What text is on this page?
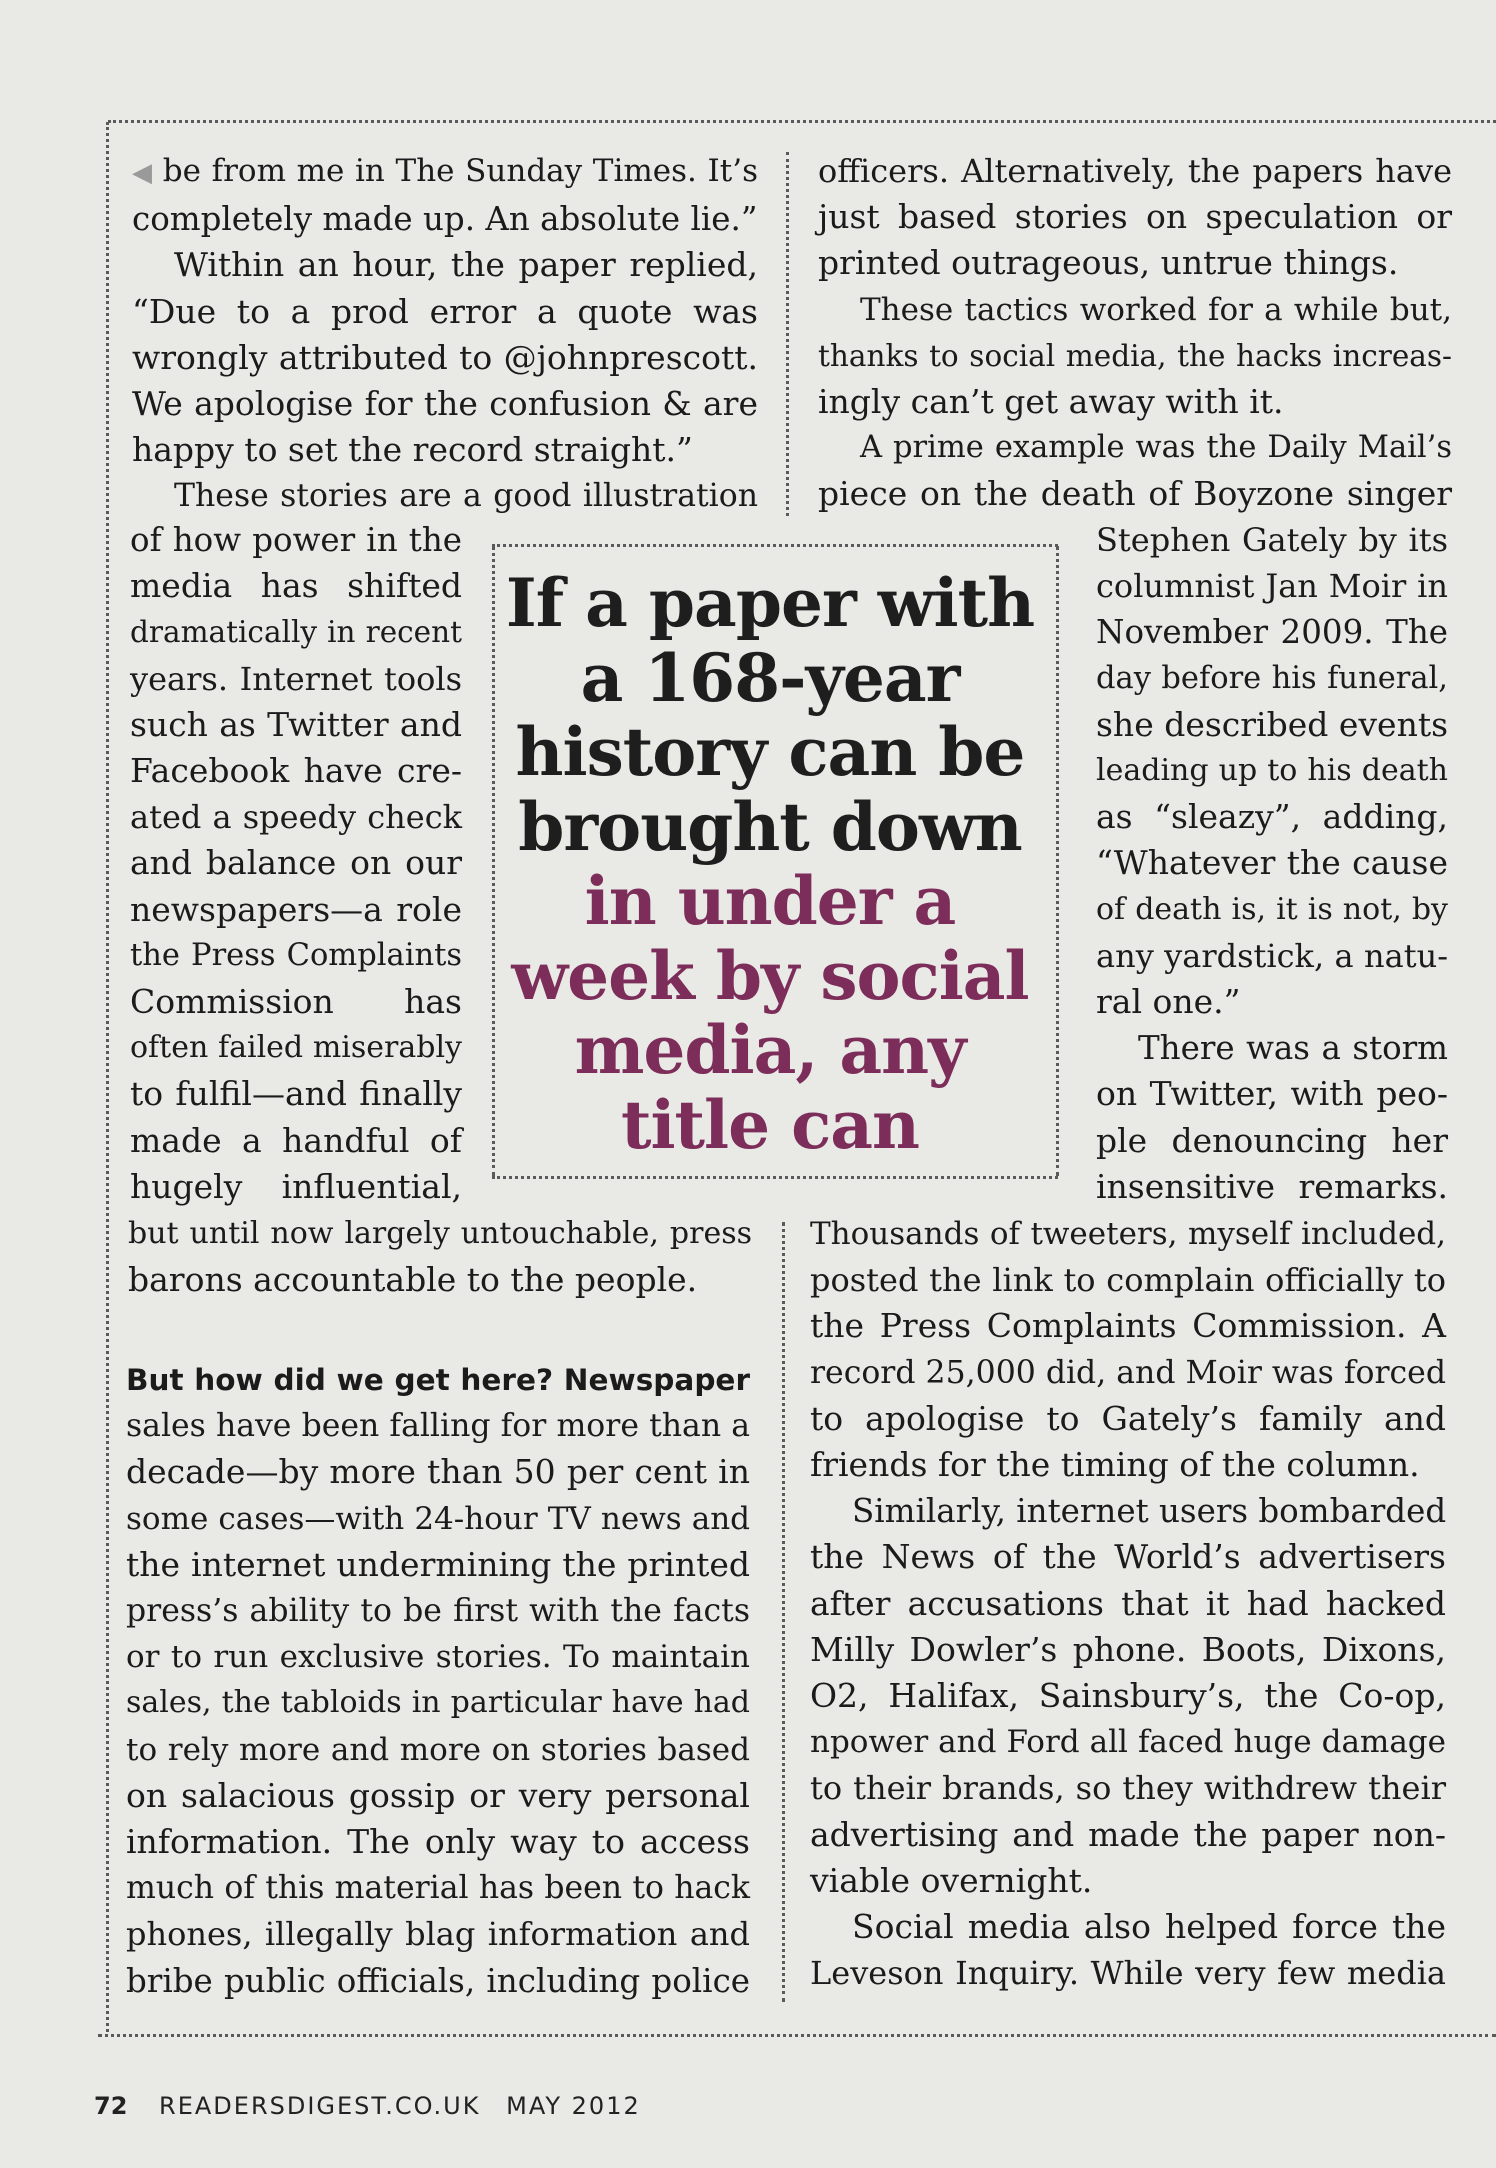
◀ be from me in The Sunday Times. It’s
completely made up. An absolute lie.”
Within an hour, the paper replied,
“Due to a prod error a quote was
wrongly attributed to @johnprescott.
We apologise for the confusion & are
happy to set the record straight.”
These stories are a good illustration
of how power in the
media has shifted
dramatically in recent
years. Internet tools
such as Twitter and
Facebook have cre-
ated a speedy check
and balance on our
newspapers—a role
the Press Complaints
Commission has
often failed miserably
to fulfil—and finally
made a handful of
hugely influential,
but until now largely untouchable, press
barons accountable to the people.
But how did we get here? Newspaper
sales have been falling for more than a
decade—by more than 50 per cent in
some cases—with 24-hour TV news and
the internet undermining the printed
press’s ability to be first with the facts
or to run exclusive stories. To maintain
sales, the tabloids in particular have had
to rely more and more on stories based
on salacious gossip or very personal
information. The only way to access
much of this material has been to hack
phones, illegally blag information and
bribe public officials, including police
officers. Alternatively, the papers have
just based stories on speculation or
printed outrageous, untrue things.
These tactics worked for a while but,
thanks to social media, the hacks increas-
ingly can’t get away with it.
A prime example was the Daily Mail’s
piece on the death of Boyzone singer
Stephen Gately by its
columnist Jan Moir in
November 2009. The
day before his funeral,
she described events
leading up to his death
as “sleazy”, adding,
“Whatever the cause
of death is, it is not, by
any yardstick, a natu-
ral one.”
There was a storm
on Twitter, with peo-
ple denouncing her
insensitive remarks.
Thousands of tweeters, myself included,
posted the link to complain officially to
the Press Complaints Commission. A
record 25,000 did, and Moir was forced
to apologise to Gately’s family and
friends for the timing of the column.
Similarly, internet users bombarded
the News of the World’s advertisers
after accusations that it had hacked
Milly Dowler’s phone. Boots, Dixons,
O2, Halifax, Sainsbury’s, the Co-op,
npower and Ford all faced huge damage
to their brands, so they withdrew their
advertising and made the paper non-
viable overnight.
Social media also helped force the
Leveson Inquiry. While very few media
If a paper with
a 168-year
history can be
brought down
in under a
week by social
media, any
title can
72 READERSDIGEST.CO.UK MAY 2012
